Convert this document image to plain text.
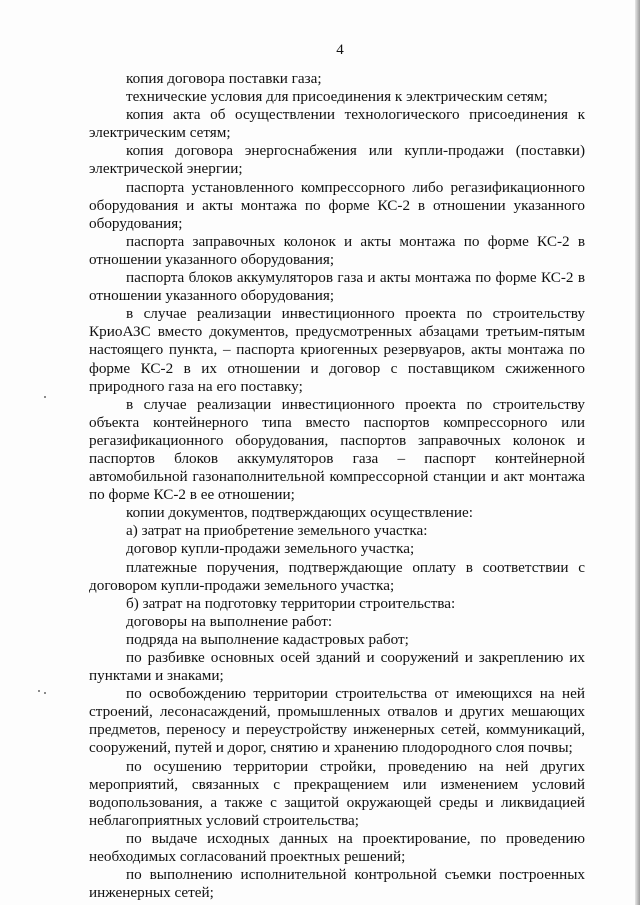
4

копия договора поставки газа;

технические условия для присоединения к электрическим сетям;

копия акта об осуществлении технологического присоединения к электрическим сетям;

копия договора энергоснабжения или купли-продажи (поставки) электрической энергии;

паспорта установленного компрессорного либо регазификационного оборудования и акты монтажа по форме КС-2 в отношении указанного оборудования;

паспорта заправочных колонок и акты монтажа по форме КС-2 в отношении указанного оборудования;

паспорта блоков аккумуляторов газа и акты монтажа по форме КС-2 в отношении указанного оборудования;

в случае реализации инвестиционного проекта по строительству КриоАЗС вместо документов, предусмотренных абзацами третьим-пятым настоящего пункта, – паспорта криогенных резервуаров, акты монтажа по форме КС-2 в их отношении и договор с поставщиком сжиженного природного газа на его поставку;

в случае реализации инвестиционного проекта по строительству объекта контейнерного типа вместо паспортов компрессорного или регазификационного оборудования, паспортов заправочных колонок и паспортов блоков аккумуляторов газа – паспорт контейнерной автомобильной газонаполнительной компрессорной станции и акт монтажа по форме КС-2 в ее отношении;

копии документов, подтверждающих осуществление:

а) затрат на приобретение земельного участка:

договор купли-продажи земельного участка;

платежные поручения, подтверждающие оплату в соответствии с договором купли-продажи земельного участка;

б) затрат на подготовку территории строительства:

договоры на выполнение работ:

подряда на выполнение кадастровых работ;

по разбивке основных осей зданий и сооружений и закреплению их пунктами и знаками;

по освобождению территории строительства от имеющихся на ней строений, лесонасаждений, промышленных отвалов и других мешающих предметов, переносу и переустройству инженерных сетей, коммуникаций, сооружений, путей и дорог, снятию и хранению плодородного слоя почвы;

по осушению территории стройки, проведению на ней других мероприятий, связанных с прекращением или изменением условий водопользования, а также с защитой окружающей среды и ликвидацией неблагоприятных условий строительства;

по выдаче исходных данных на проектирование, по проведению необходимых согласований проектных решений;

по выполнению исполнительной контрольной съемки построенных инженерных сетей;
